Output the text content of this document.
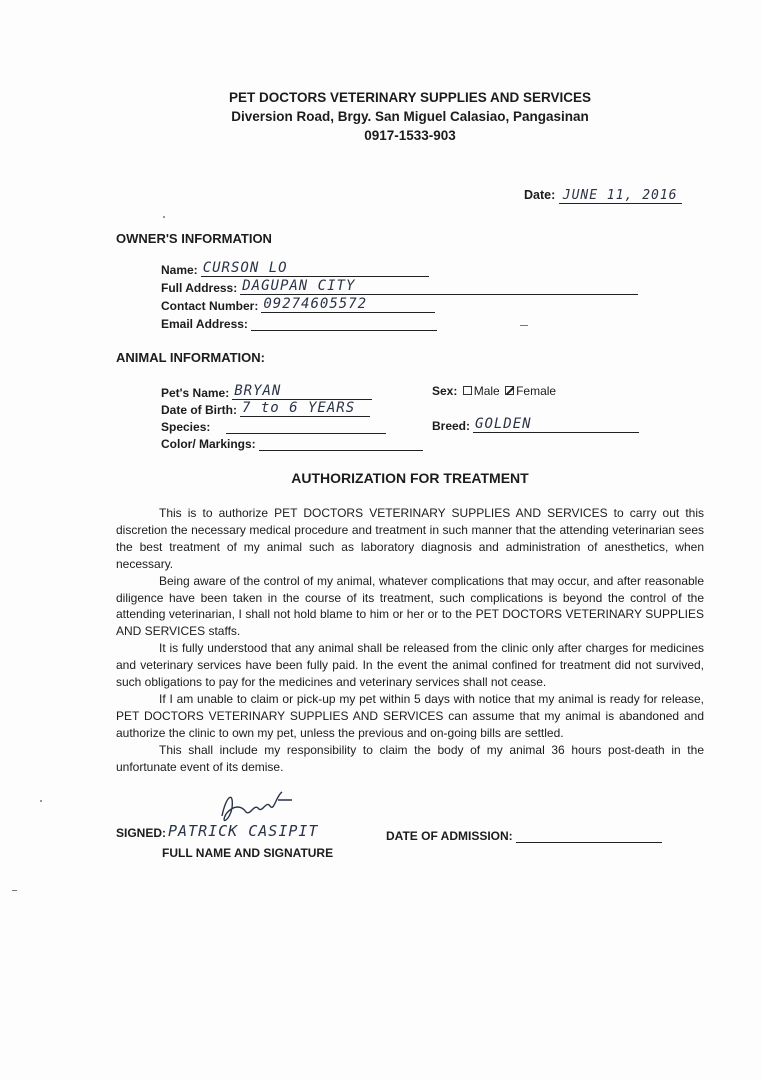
PET DOCTORS VETERINARY SUPPLIES AND SERVICES
Diversion Road, Brgy. San Miguel Calasiao, Pangasinan
0917-1533-903
Date: JUNE 11, 2016
OWNER'S INFORMATION
Name: CURSON LO
Full Address: DAGUPAN CITY
Contact Number: 09274605572
Email Address:
ANIMAL INFORMATION:
Pet's Name: BRYAN
Date of Birth: 7 to 6 YEARS
Species:
Color/ Markings:
Sex: Male Female
Breed: GOLDEN
AUTHORIZATION FOR TREATMENT

This is to authorize PET DOCTORS VETERINARY SUPPLIES AND SERVICES to carry out this discretion the necessary medical procedure and treatment in such manner that the attending veterinarian sees the best treatment of my animal such as laboratory diagnosis and administration of anesthetics, when necessary.

Being aware of the control of my animal, whatever complications that may occur, and after reasonable diligence have been taken in the course of its treatment, such complications is beyond the control of the attending veterinarian, I shall not hold blame to him or her or to the PET DOCTORS VETERINARY SUPPLIES AND SERVICES staffs.

It is fully understood that any animal shall be released from the clinic only after charges for medicines and veterinary services have been fully paid. In the event the animal confined for treatment did not survived, such obligations to pay for the medicines and veterinary services shall not cease.

If I am unable to claim or pick-up my pet within 5 days with notice that my animal is ready for release, PET DOCTORS VETERINARY SUPPLIES AND SERVICES can assume that my animal is abandoned and authorize the clinic to own my pet, unless the previous and on-going bills are settled.

This shall include my responsibility to claim the body of my animal 36 hours post-death in the unfortunate event of its demise.

SIGNED: PATRICK CASIPIT
FULL NAME AND SIGNATURE
DATE OF ADMISSION:
